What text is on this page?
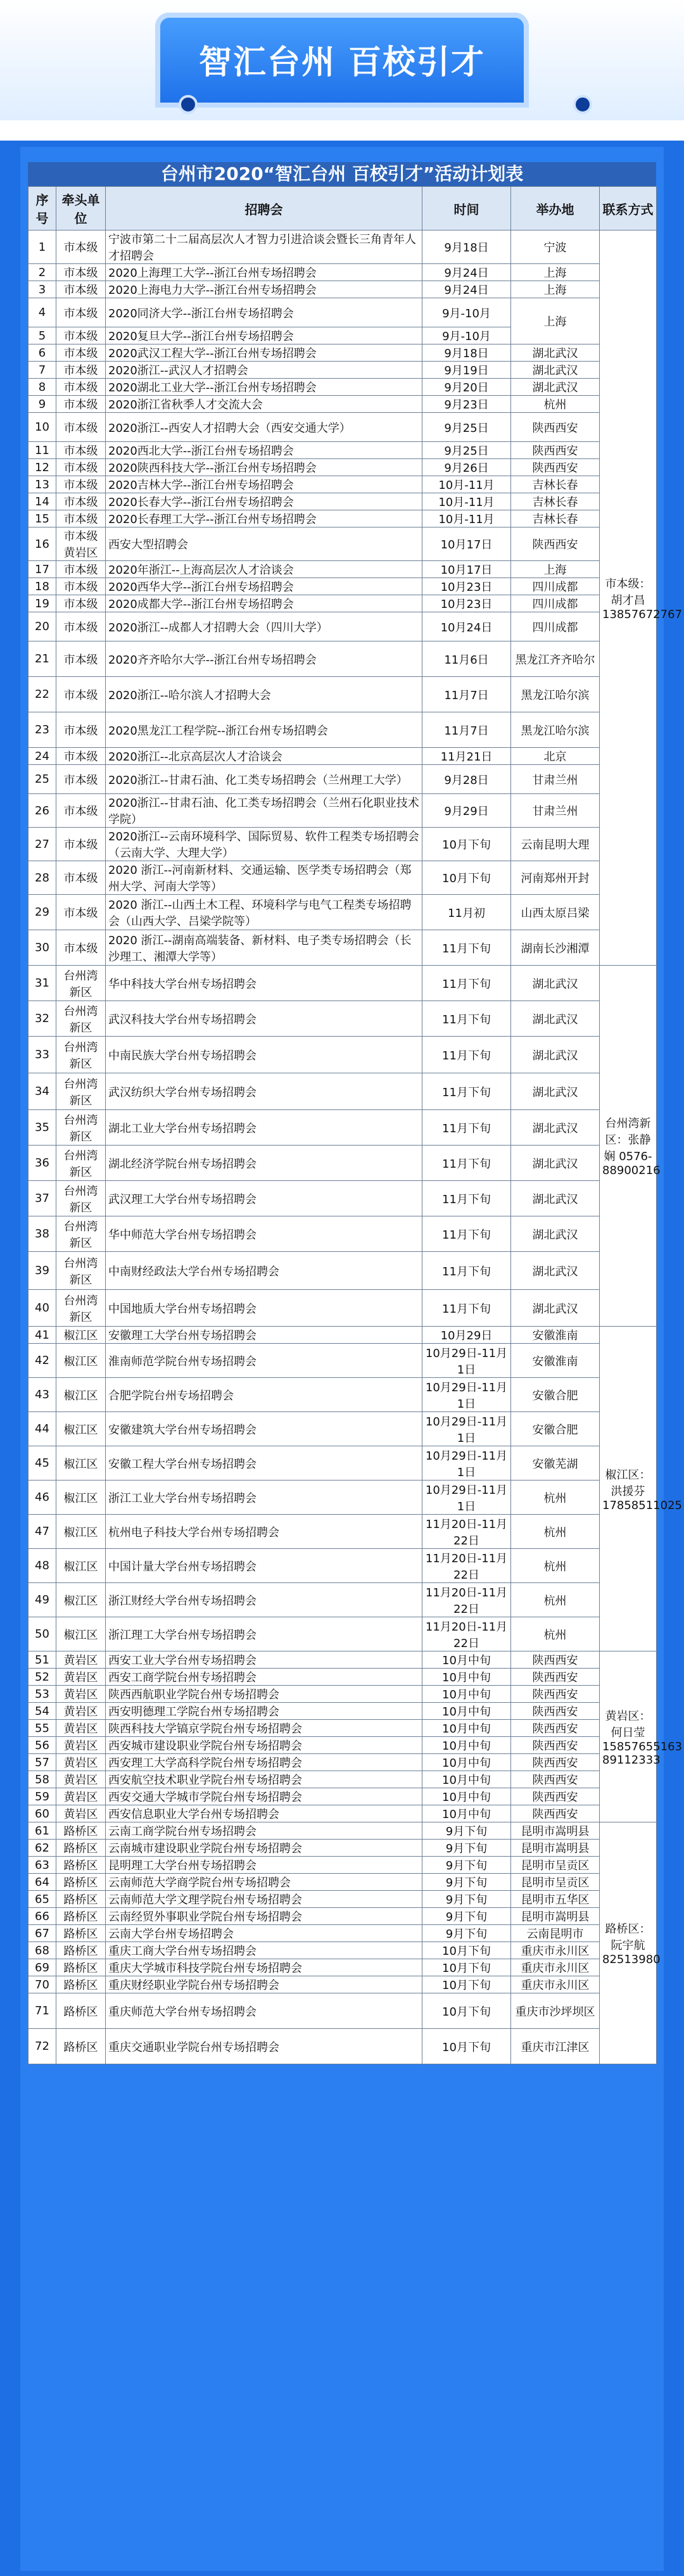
智汇台州 百校引才
台州市2020“智汇台州 百校引才”活动计划表
序号	牵头单位	招聘会	时间	举办地	联系方式
1	市本级	宁波市第二十二届高层次人才智力引进洽谈会暨长三角青年人才招聘会	9月18日	宁波	市本级：胡才昌 13857672767
2	市本级	2020上海理工大学--浙江台州专场招聘会	9月24日	上海	
3	市本级	2020上海电力大学--浙江台州专场招聘会	9月24日	上海	
4	市本级	2020同济大学--浙江台州专场招聘会	9月-10月	上海	
5	市本级	2020复旦大学--浙江台州专场招聘会	9月-10月		
6	市本级	2020武汉工程大学--浙江台州专场招聘会	9月18日	湖北武汉	
7	市本级	2020浙江--武汉人才招聘会	9月19日	湖北武汉	
8	市本级	2020湖北工业大学--浙江台州专场招聘会	9月20日	湖北武汉	
9	市本级	2020浙江省秋季人才交流大会	9月23日	杭州	
10	市本级	2020浙江--西安人才招聘大会（西安交通大学）	9月25日	陕西西安	
11	市本级	2020西北大学--浙江台州专场招聘会	9月25日	陕西西安	
12	市本级	2020陕西科技大学--浙江台州专场招聘会	9月26日	陕西西安	
13	市本级	2020吉林大学--浙江台州专场招聘会	10月-11月	吉林长春	
14	市本级	2020长春大学--浙江台州专场招聘会	10月-11月	吉林长春	
15	市本级	2020长春理工大学--浙江台州专场招聘会	10月-11月	吉林长春	
16	市本级黄岩区	西安大型招聘会	10月17日	陕西西安	
17	市本级	2020年浙江--上海高层次人才洽谈会	10月17日	上海	
18	市本级	2020西华大学--浙江台州专场招聘会	10月23日	四川成都	
19	市本级	2020成都大学--浙江台州专场招聘会	10月23日	四川成都	
20	市本级	2020浙江--成都人才招聘大会（四川大学）	10月24日	四川成都	
21	市本级	2020齐齐哈尔大学--浙江台州专场招聘会	11月6日	黑龙江齐齐哈尔	
22	市本级	2020浙江--哈尔滨人才招聘大会	11月7日	黑龙江哈尔滨	
23	市本级	2020黑龙江工程学院--浙江台州专场招聘会	11月7日	黑龙江哈尔滨	
24	市本级	2020浙江--北京高层次人才洽谈会	11月21日	北京	
25	市本级	2020浙江--甘肃石油、化工类专场招聘会（兰州理工大学）	9月28日	甘肃兰州	
26	市本级	2020浙江--甘肃石油、化工类专场招聘会（兰州石化职业技术学院）	9月29日	甘肃兰州	
27	市本级	2020浙江--云南环境科学、国际贸易、软件工程类专场招聘会（云南大学、大理大学）	10月下旬	云南昆明大理	
28	市本级	2020 浙江--河南新材料、交通运输、医学类专场招聘会（郑州大学、河南大学等）	10月下旬	河南郑州开封	
29	市本级	2020 浙江--山西土木工程、环境科学与电气工程类专场招聘会（山西大学、吕梁学院等）	11月初	山西太原吕梁	
30	市本级	2020 浙江--湖南高端装备、新材料、电子类专场招聘会（长沙理工、湘潭大学等）	11月下旬	湖南长沙湘潭	
31	台州湾新区	华中科技大学台州专场招聘会	11月下旬	湖北武汉	台州湾新区：张静娴 0576-88900216
32	台州湾新区	武汉科技大学台州专场招聘会	11月下旬	湖北武汉	
33	台州湾新区	中南民族大学台州专场招聘会	11月下旬	湖北武汉	
34	台州湾新区	武汉纺织大学台州专场招聘会	11月下旬	湖北武汉	
35	台州湾新区	湖北工业大学台州专场招聘会	11月下旬	湖北武汉	
36	台州湾新区	湖北经济学院台州专场招聘会	11月下旬	湖北武汉	
37	台州湾新区	武汉理工大学台州专场招聘会	11月下旬	湖北武汉	
38	台州湾新区	华中师范大学台州专场招聘会	11月下旬	湖北武汉	
39	台州湾新区	中南财经政法大学台州专场招聘会	11月下旬	湖北武汉	
40	台州湾新区	中国地质大学台州专场招聘会	11月下旬	湖北武汉	
41	椒江区	安徽理工大学台州专场招聘会	10月29日	安徽淮南	椒江区：洪援芬 17858511025
42	椒江区	淮南师范学院台州专场招聘会	10月29日-11月1日	安徽淮南	
43	椒江区	合肥学院台州专场招聘会	10月29日-11月1日	安徽合肥	
44	椒江区	安徽建筑大学台州专场招聘会	10月29日-11月1日	安徽合肥	
45	椒江区	安徽工程大学台州专场招聘会	10月29日-11月1日	安徽芜湖	
46	椒江区	浙江工业大学台州专场招聘会	10月29日-11月1日	杭州	
47	椒江区	杭州电子科技大学台州专场招聘会	11月20日-11月22日	杭州	
48	椒江区	中国计量大学台州专场招聘会	11月20日-11月22日	杭州	
49	椒江区	浙江财经大学台州专场招聘会	11月20日-11月22日	杭州	
50	椒江区	浙江理工大学台州专场招聘会	11月20日-11月22日	杭州	
51	黄岩区	西安工业大学台州专场招聘会	10月中旬	陕西西安	黄岩区：何日莹 15857655163 89112333
52	黄岩区	西安工商学院台州专场招聘会	10月中旬	陕西西安	
53	黄岩区	陕西西航职业学院台州专场招聘会	10月中旬	陕西西安	
54	黄岩区	西安明德理工学院台州专场招聘会	10月中旬	陕西西安	
55	黄岩区	陕西科技大学镐京学院台州专场招聘会	10月中旬	陕西西安	
56	黄岩区	西安城市建设职业学院台州专场招聘会	10月中旬	陕西西安	
57	黄岩区	西安理工大学高科学院台州专场招聘会	10月中旬	陕西西安	
58	黄岩区	西安航空技术职业学院台州专场招聘会	10月中旬	陕西西安	
59	黄岩区	西安交通大学城市学院台州专场招聘会	10月中旬	陕西西安	
60	黄岩区	西安信息职业大学台州专场招聘会	10月中旬	陕西西安	
61	路桥区	云南工商学院台州专场招聘会	9月下旬	昆明市嵩明县	路桥区：阮宇航 82513980
62	路桥区	云南城市建设职业学院台州专场招聘会	9月下旬	昆明市嵩明县	
63	路桥区	昆明理工大学台州专场招聘会	9月下旬	昆明市呈贡区	
64	路桥区	云南师范大学商学院台州专场招聘会	9月下旬	昆明市呈贡区	
65	路桥区	云南师范大学文理学院台州专场招聘会	9月下旬	昆明市五华区	
66	路桥区	云南经贸外事职业学院台州专场招聘会	9月下旬	昆明市嵩明县	
67	路桥区	云南大学台州专场招聘会	9月下旬	云南昆明市	
68	路桥区	重庆工商大学台州专场招聘会	10月下旬	重庆市永川区	
69	路桥区	重庆大学城市科技学院台州专场招聘会	10月下旬	重庆市永川区	
70	路桥区	重庆财经职业学院台州专场招聘会	10月下旬	重庆市永川区	
71	路桥区	重庆师范大学台州专场招聘会	10月下旬	重庆市沙坪坝区	
72	路桥区	重庆交通职业学院台州专场招聘会	10月下旬	重庆市江津区	
